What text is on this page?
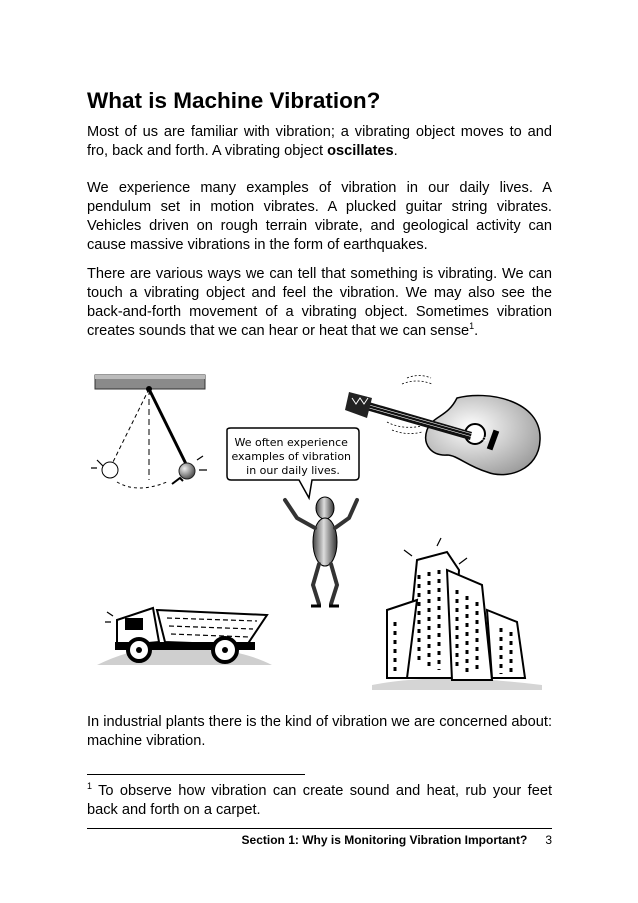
What is Machine Vibration?

Most of us are familiar with vibration; a vibrating object moves to and fro, back and forth. A vibrating object oscillates.

We experience many examples of vibration in our daily lives. A pendulum set in motion vibrates. A plucked guitar string vibrates. Vehicles driven on rough terrain vibrate, and geological activity can cause massive vibrations in the form of earthquakes.

There are various ways we can tell that something is vibrating. We can touch a vibrating object and feel the vibration. We may also see the back-and-forth movement of a vibrating object. Sometimes vibration creates sounds that we can hear or heat that we can sense$^1$.

We often experience examples of vibration in our daily lives.

In industrial plants there is the kind of vibration we are concerned about: machine vibration.

$^1$ To observe how vibration can create sound and heat, rub your feet back and forth on a carpet.

Section 1: Why is Monitoring Vibration Important? 3
